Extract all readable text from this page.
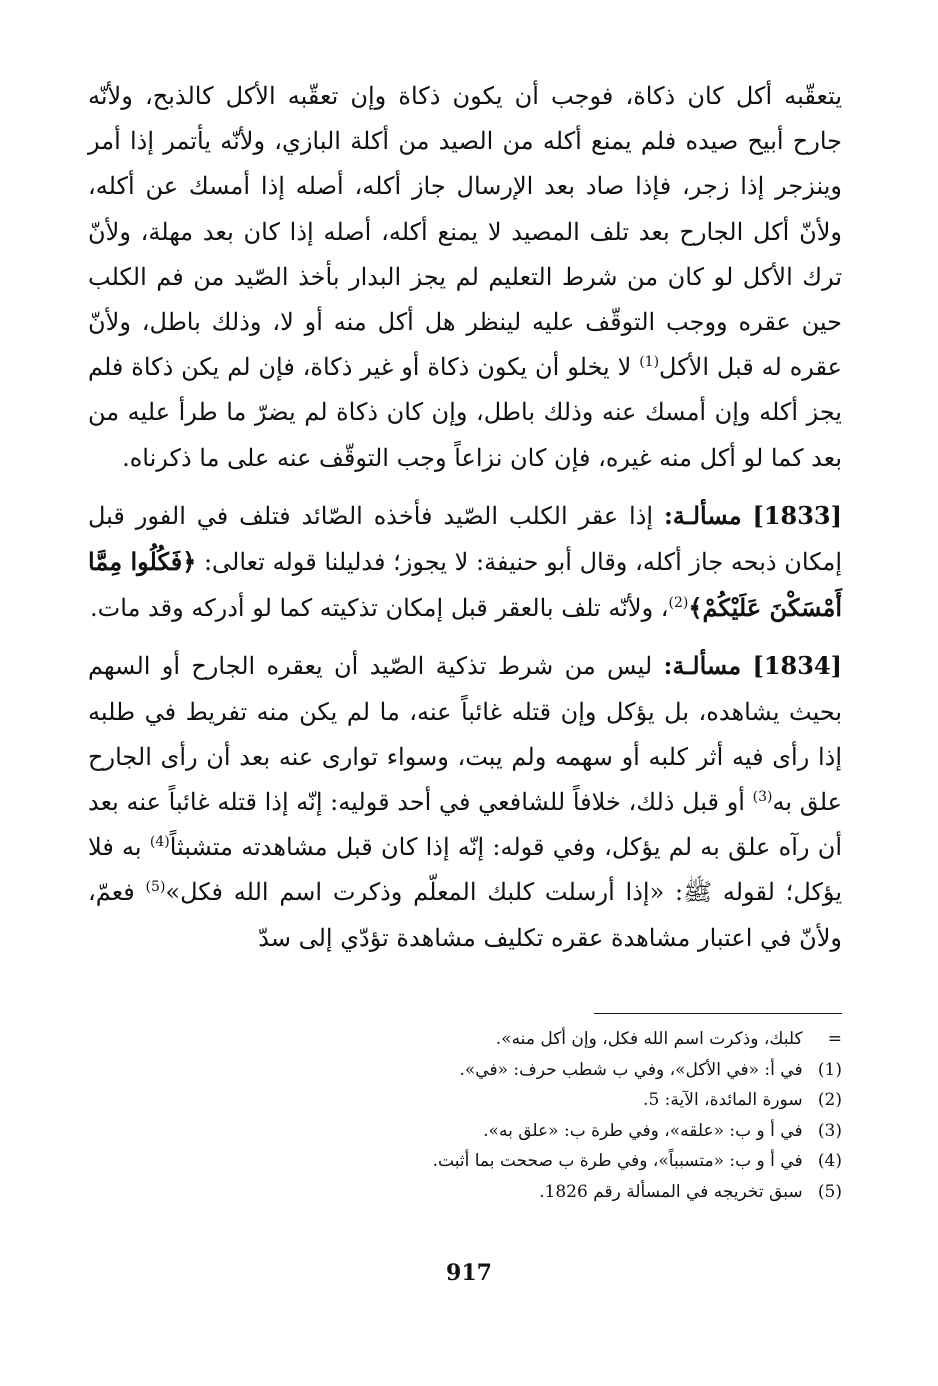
يتعقّبه أكل كان ذكاة، فوجب أن يكون ذكاة وإن تعقّبه الأكل كالذبح، ولأنّه جارح أبيح صيده فلم يمنع أكله من الصيد من أكلة البازي، ولأنّه يأتمر إذا أمر وينزجر إذا زجر، فإذا صاد بعد الإرسال جاز أكله، أصله إذا أمسك عن أكله، ولأنّ أكل الجارح بعد تلف المصيد لا يمنع أكله، أصله إذا كان بعد مهلة، ولأنّ ترك الأكل لو كان من شرط التعليم لم يجز البدار بأخذ الصّيد من فم الكلب حين عقره ووجب التوقّف عليه لينظر هل أكل منه أو لا، وذلك باطل، ولأنّ عقره له قبل الأكل$^{(1)}$ لا يخلو أن يكون ذكاة أو غير ذكاة، فإن لم يكن ذكاة فلم يجز أكله وإن أمسك عنه وذلك باطل، وإن كان ذكاة لم يضرّ ما طرأ عليه من بعد كما لو أكل منه غيره، فإن كان نزاعاً وجب التوقّف عنه على ما ذكرناه.

[1833] مسألـة: إذا عقر الكلب الصّيد فأخذه الصّائد فتلف في الفور قبل إمكان ذبحه جاز أكله، وقال أبو حنيفة: لا يجوز؛ فدليلنا قوله تعالى: ﴿فَكُلُوا مِمَّا أَمْسَكْنَ عَلَيْكُمْ﴾$^{(2)}$، ولأنّه تلف بالعقر قبل إمكان تذكيته كما لو أدركه وقد مات.

[1834] مسألـة: ليس من شرط تذكية الصّيد أن يعقره الجارح أو السهم بحيث يشاهده، بل يؤكل وإن قتله غائباً عنه، ما لم يكن منه تفريط في طلبه إذا رأى فيه أثر كلبه أو سهمه ولم يبت، وسواء توارى عنه بعد أن رأى الجارح علق به$^{(3)}$ أو قبل ذلك، خلافاً للشافعي في أحد قوليه: إنّه إذا قتله غائباً عنه بعد أن رآه علق به لم يؤكل، وفي قوله: إنّه إذا كان قبل مشاهدته متشبثاً$^{(4)}$ به فلا يؤكل؛ لقوله ﷺ: «إذا أرسلت كلبك المعلّم وذكرت اسم الله فكل»$^{(5)}$ فعمّ، ولأنّ في اعتبار مشاهدة عقره تكليف مشاهدة تؤدّي إلى سدّ

= كلبك، وذكرت اسم الله فكل، وإن أكل منه».

(1) في أ: «في الأكل»، وفي ب شطب حرف: «في».

(2) سورة المائدة، الآية: 5.

(3) في أ و ب: «علقه»، وفي طرة ب: «علق به».

(4) في أ و ب: «متسبباً»، وفي طرة ب صححت بما أثبت.

(5) سبق تخريجه في المسألة رقم 1826.

917
